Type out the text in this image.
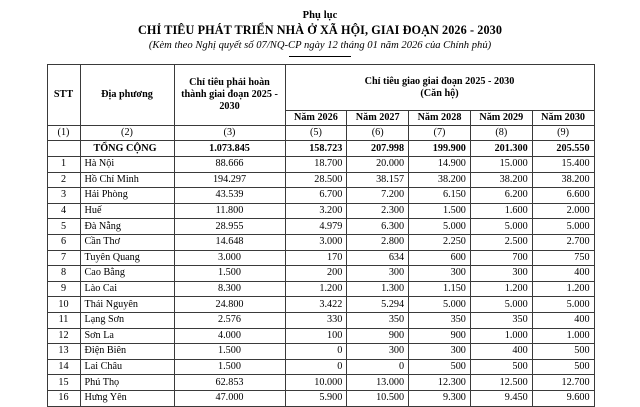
Phụ lục
CHỈ TIÊU PHÁT TRIỂN NHÀ Ở XÃ HỘI, GIAI ĐOẠN 2026 - 2030
(Kèm theo Nghị quyết số 07/NQ-CP ngày 12 tháng 01 năm 2026 của Chính phủ)
STT	Địa phương	Chỉ tiêu phải hoàn thành giai đoạn 2025 - 2030	Chỉ tiêu giao giai đoạn 2025 - 2030
(Căn hộ)				
			Năm 2026	Năm 2027	Năm 2028	Năm 2029	Năm 2030
(1)	(2)	(3)	(5)	(6)	(7)	(8)	(9)
	TỔNG CỘNG	1.073.845	158.723	207.998	199.900	201.300	205.550
1	Hà Nội	88.666	18.700	20.000	14.900	15.000	15.400
2	Hồ Chí Minh	194.297	28.500	38.157	38.200	38.200	38.200
3	Hải Phòng	43.539	6.700	7.200	6.150	6.200	6.600
4	Huế	11.800	3.200	2.300	1.500	1.600	2.000
5	Đà Nẵng	28.955	4.979	6.300	5.000	5.000	5.000
6	Cần Thơ	14.648	3.000	2.800	2.250	2.500	2.700
7	Tuyên Quang	3.000	170	634	600	700	750
8	Cao Bằng	1.500	200	300	300	300	400
9	Lào Cai	8.300	1.200	1.300	1.150	1.200	1.200
10	Thái Nguyên	24.800	3.422	5.294	5.000	5.000	5.000
11	Lạng Sơn	2.576	330	350	350	350	400
12	Sơn La	4.000	100	900	900	1.000	1.000
13	Điện Biên	1.500	0	300	300	400	500
14	Lai Châu	1.500	0	0	500	500	500
15	Phú Thọ	62.853	10.000	13.000	12.300	12.500	12.700
16	Hưng Yên	47.000	5.900	10.500	9.300	9.450	9.600
